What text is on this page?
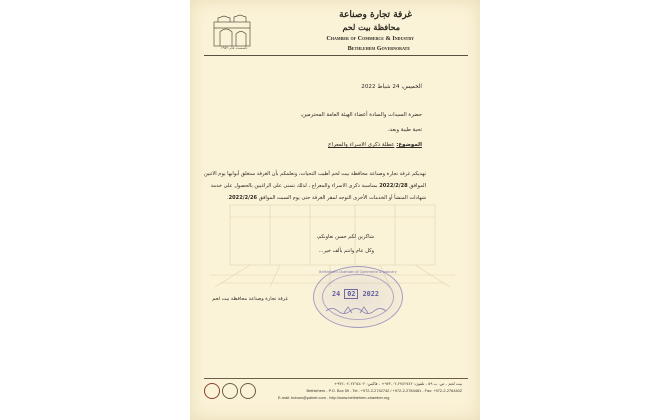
تأسست عام ١٩٥٢
غرفة تجارة وصناعة
محافظة بيت لحم
Chamber of Commerce & Industry
Bethlehem Governorate
الخميس، 24 شباط 2022
حضرة السيدات والسادة أعضاء الهيئة العامة المحترمين،
تحية طيبة وبعد،
الموضوع: عطلة ذكرى الاسراء والمعراج
تهديكم غرفة تجارة وصناعة محافظة بيت لحم أطيب التحيات، وتعلمكم بأن الغرفة ستغلق أبوابها يوم الاثنين
الموافق 2022/2/28 بمناسبة ذكرى الاسراء والمعراج ، لذلك نتمنى على الراغبين بالحصول على خدمة
شهادات المنشأ أو الخدمات الأخرى التوجه لمقر الغرفة حتى يوم السبت الموافق 2022/2/26.
شاكرين لكم حسن تعاونكم،
وكل عام وانتم بألف خير...
غرفة تجارة وصناعة محافظة بيت لحم
Bethlehem Chamber of Commerce & Industry
24 02 2022
بيت لحم - ص. ب ٥٩ - تلفون: ٢٧٤٢٧٤٢-٠٢-٩٧٢+ - فاكس: ٢٧٦٤٤٠٢-٠٢-٩٧٢+
Bethlehem - P.O. Box 59 - Tel.: +972-2-2742742 / +972-2-2784481 - Fax: +972-2-2764402
E-mail: bcham@palnet.com - http://www.bethlehem-chamber.org
